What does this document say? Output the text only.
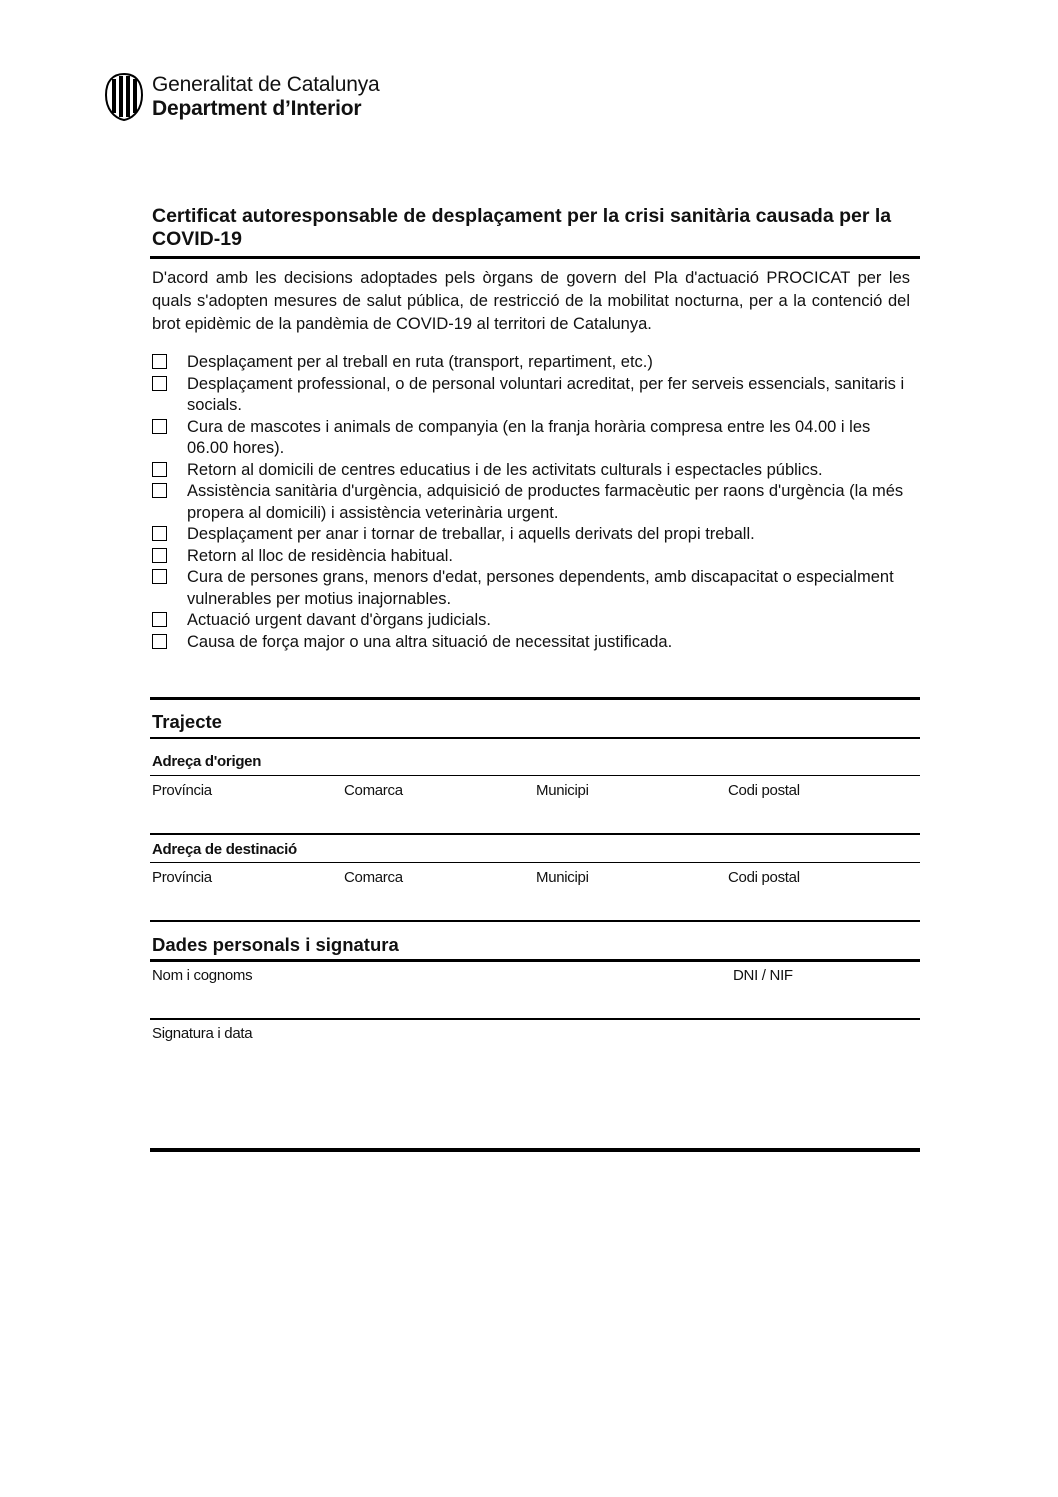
Generalitat de Catalunya
Department d’Interior
Certificat autoresponsable de desplaçament per la crisi sanitària causada per la COVID-19
D'acord amb les decisions adoptades pels òrgans de govern del Pla d'actuació PROCICAT per les quals s'adopten mesures de salut pública, de restricció de la mobilitat nocturna, per a la contenció del brot epidèmic de la pandèmia de COVID-19 al territori de Catalunya.
Desplaçament per al treball en ruta (transport, repartiment, etc.)
Desplaçament professional, o de personal voluntari acreditat, per fer serveis essencials, sanitaris i socials.
Cura de mascotes i animals de companyia (en la franja horària compresa entre les 04.00 i les 06.00 hores).
Retorn al domicili de centres educatius i de les activitats culturals i espectacles públics.
Assistència sanitària d'urgència, adquisició de productes farmacèutic per raons d'urgència (la més propera al domicili) i assistència veterinària urgent.
Desplaçament per anar i tornar de treballar, i aquells derivats del propi treball.
Retorn al lloc de residència habitual.
Cura de persones grans, menors d'edat, persones dependents, amb discapacitat o especialment vulnerables per motius inajornables.
Actuació urgent davant d'òrgans judicials.
Causa de força major o una altra situació de necessitat justificada.
Trajecte
Adreça d'origen
Província	Comarca	Municipi	Codi postal
Adreça de destinació
Província	Comarca	Municipi	Codi postal
Dades personals i signatura
Nom i cognoms	DNI / NIF
Signatura i data
